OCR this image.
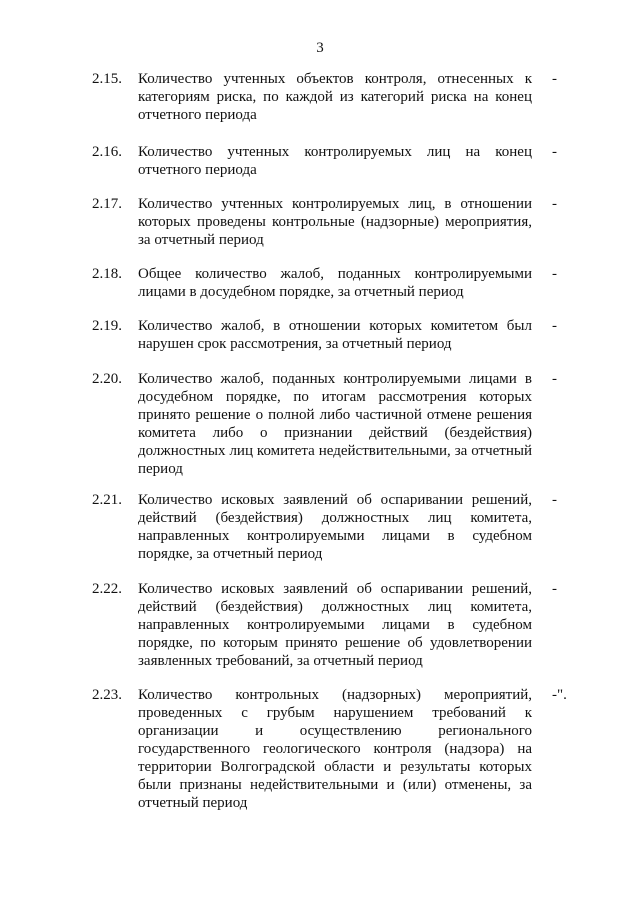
3
2.15. Количество учтенных объектов контроля, отнесенных к категориям риска, по каждой из категорий риска на конец отчетного периода
-
2.16. Количество учтенных контролируемых лиц на конец отчетного периода
-
2.17. Количество учтенных контролируемых лиц, в отношении которых проведены контрольные (надзорные) мероприятия, за отчетный период
-
2.18. Общее количество жалоб, поданных контролируемыми лицами в досудебном порядке, за отчетный период
-
2.19. Количество жалоб, в отношении которых комитетом был нарушен срок рассмотрения, за отчетный период
-
2.20. Количество жалоб, поданных контролируемыми лицами в досудебном порядке, по итогам рассмотрения которых принято решение о полной либо частичной отмене решения комитета либо о признании действий (бездействия) должностных лиц комитета недействительными, за отчетный период
-
2.21. Количество исковых заявлений об оспаривании решений, действий (бездействия) должностных лиц комитета, направленных контролируемыми лицами в судебном порядке, за отчетный период
-
2.22. Количество исковых заявлений об оспаривании решений, действий (бездействия) должностных лиц комитета, направленных контролируемыми лицами в судебном порядке, по которым принято решение об удовлетворении заявленных требований, за отчетный период
-
2.23. Количество контрольных (надзорных) мероприятий, проведенных с грубым нарушением требований к организации и осуществлению регионального государственного геологического контроля (надзора) на территории Волгоградской области и результаты которых были признаны недействительными и (или) отменены, за отчетный период
-".
